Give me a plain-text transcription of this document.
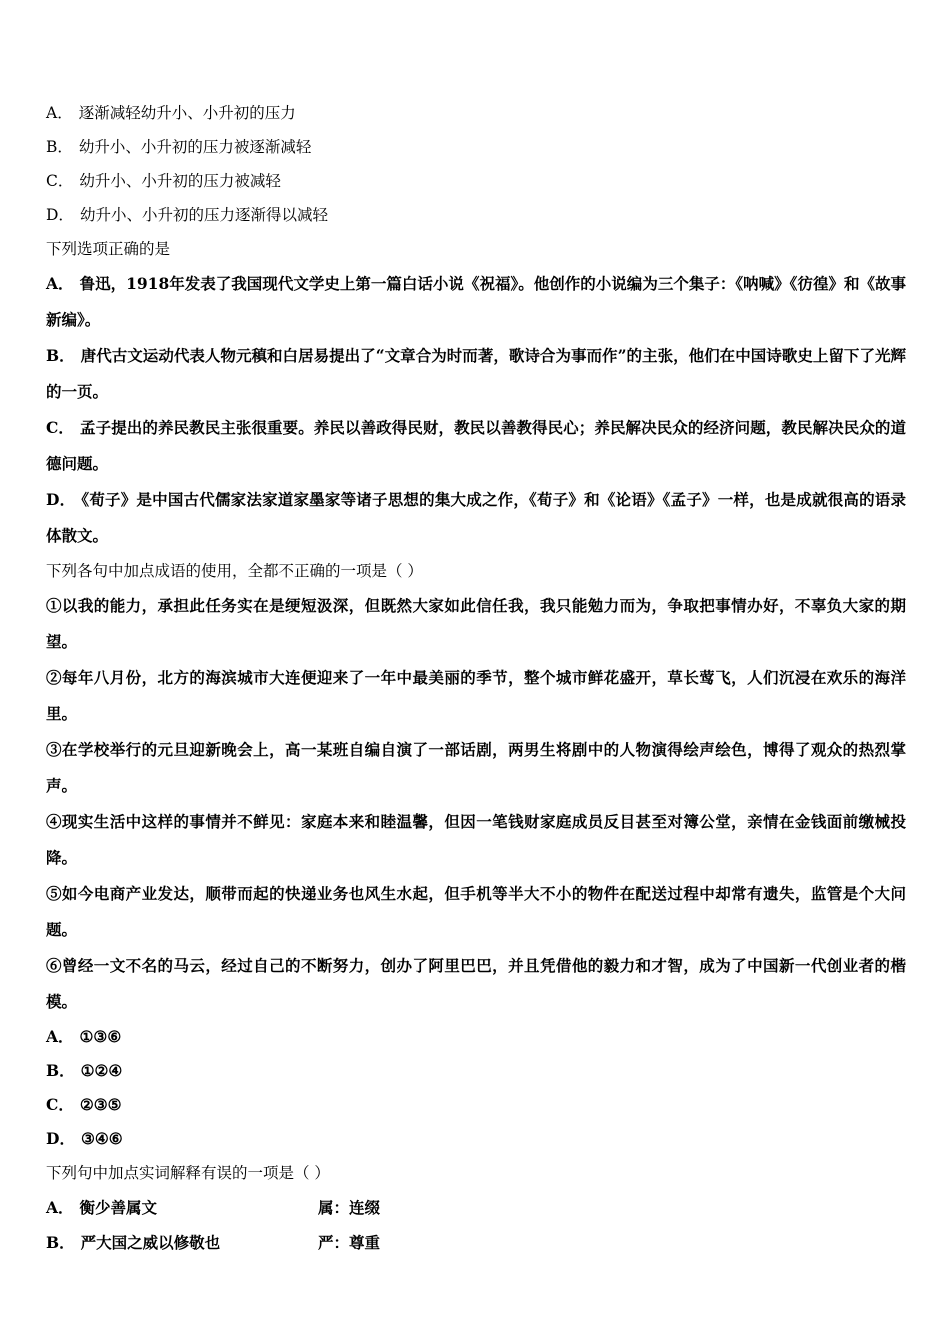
A． 逐渐减轻幼升小、小升初的压力
B． 幼升小、小升初的压力被逐渐减轻
C． 幼升小、小升初的压力被减轻
D． 幼升小、小升初的压力逐渐得以减轻
下列选项正确的是

A． 鲁迅，1918年发表了我国现代文学史上第一篇白话小说《祝福》。他创作的小说编为三个集子：《呐喊》《彷徨》和《故事新编》。

B． 唐代古文运动代表人物元稹和白居易提出了“文章合为时而著，歌诗合为事而作”的主张，他们在中国诗歌史上留下了光辉的一页。

C． 孟子提出的养民教民主张很重要。养民以善政得民财，教民以善教得民心；养民解决民众的经济问题，教民解决民众的道德问题。

D． 《荀子》是中国古代儒家法家道家墨家等诸子思想的集大成之作，《荀子》和《论语》《孟子》一样，也是成就很高的语录体散文。

下列各句中加点成语的使用，全都不正确的一项是（ ）

①以我的能力，承担此任务实在是绠短汲深，但既然大家如此信任我，我只能勉力而为，争取把事情办好，不辜负大家的期望。

②每年八月份，北方的海滨城市大连便迎来了一年中最美丽的季节，整个城市鲜花盛开，草长莺飞，人们沉浸在欢乐的海洋里。

③在学校举行的元旦迎新晚会上，高一某班自编自演了一部话剧，两男生将剧中的人物演得绘声绘色，博得了观众的热烈掌声。

④现实生活中这样的事情并不鲜见：家庭本来和睦温馨，但因一笔钱财家庭成员反目甚至对簿公堂，亲情在金钱面前缴械投降。

⑤如今电商产业发达，顺带而起的快递业务也风生水起，但手机等半大不小的物件在配送过程中却常有遗失，监管是个大问题。

⑥曾经一文不名的马云，经过自己的不断努力，创办了阿里巴巴，并且凭借他的毅力和才智，成为了中国新一代创业者的楷模。

A． ①③⑥
B． ①②④
C． ②③⑤
D． ③④⑥
下列句中加点实词解释有误的一项是（ ）
A． 衡少善属文	属：连缀
B． 严大国之威以修敬也	严：尊重
